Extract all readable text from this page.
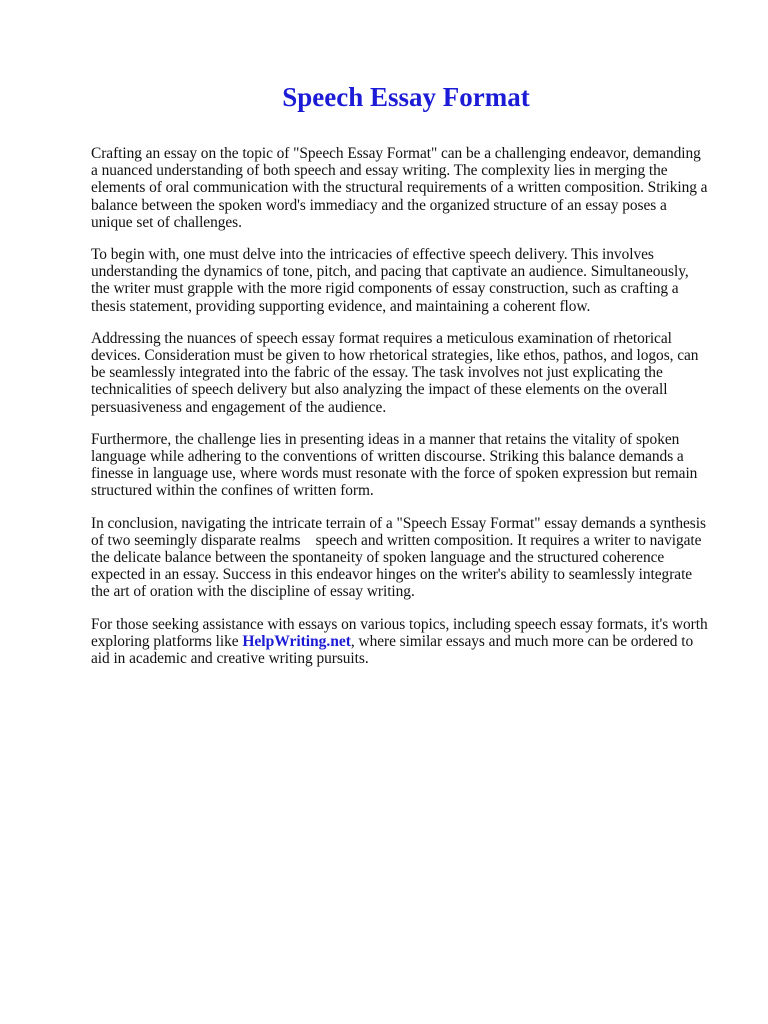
Speech Essay Format

Crafting an essay on the topic of "Speech Essay Format" can be a challenging endeavor, demanding
a nuanced understanding of both speech and essay writing. The complexity lies in merging the
elements of oral communication with the structural requirements of a written composition. Striking a
balance between the spoken word's immediacy and the organized structure of an essay poses a
unique set of challenges.

To begin with, one must delve into the intricacies of effective speech delivery. This involves
understanding the dynamics of tone, pitch, and pacing that captivate an audience. Simultaneously,
the writer must grapple with the more rigid components of essay construction, such as crafting a
thesis statement, providing supporting evidence, and maintaining a coherent flow.

Addressing the nuances of speech essay format requires a meticulous examination of rhetorical
devices. Consideration must be given to how rhetorical strategies, like ethos, pathos, and logos, can
be seamlessly integrated into the fabric of the essay. The task involves not just explicating the
technicalities of speech delivery but also analyzing the impact of these elements on the overall
persuasiveness and engagement of the audience.

Furthermore, the challenge lies in presenting ideas in a manner that retains the vitality of spoken
language while adhering to the conventions of written discourse. Striking this balance demands a
finesse in language use, where words must resonate with the force of spoken expression but remain
structured within the confines of written form.

In conclusion, navigating the intricate terrain of a "Speech Essay Format" essay demands a synthesis
of two seemingly disparate realms    speech and written composition. It requires a writer to navigate
the delicate balance between the spontaneity of spoken language and the structured coherence
expected in an essay. Success in this endeavor hinges on the writer's ability to seamlessly integrate
the art of oration with the discipline of essay writing.

For those seeking assistance with essays on various topics, including speech essay formats, it's worth
exploring platforms like HelpWriting.net, where similar essays and much more can be ordered to
aid in academic and creative writing pursuits.
